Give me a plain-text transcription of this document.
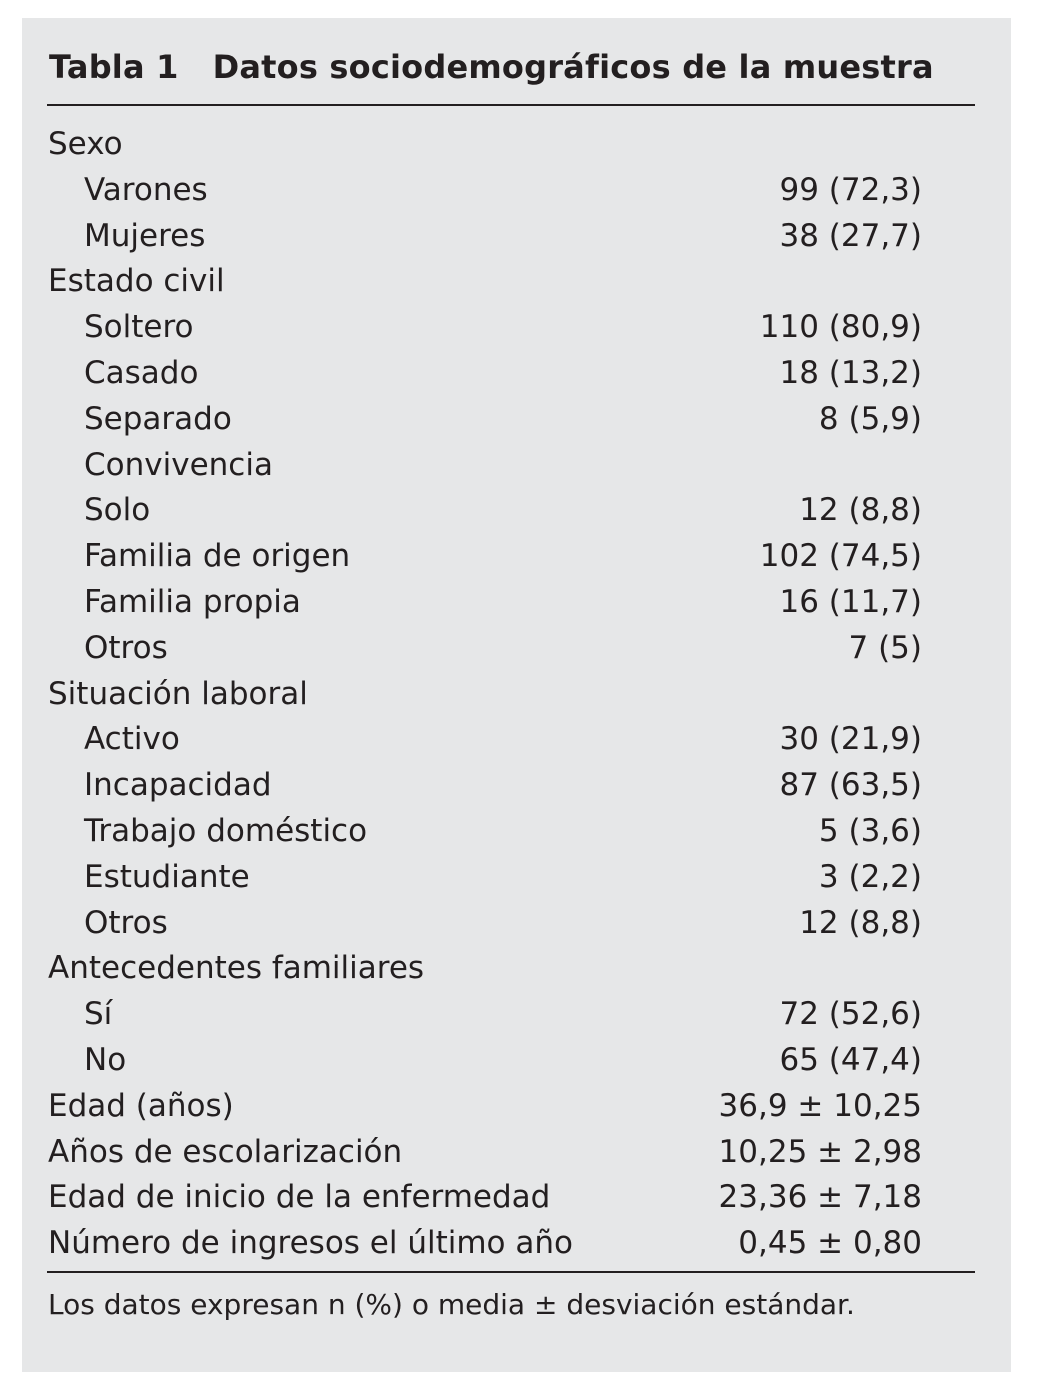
Tabla 1 Datos sociodemográficos de la muestra
Sexo
Varones	99 (72,3)
Mujeres	38 (27,7)
Estado civil
Soltero	110 (80,9)
Casado	18 (13,2)
Separado	8 (5,9)
Convivencia
Solo	12 (8,8)
Familia de origen	102 (74,5)
Familia propia	16 (11,7)
Otros	7 (5)
Situación laboral
Activo	30 (21,9)
Incapacidad	87 (63,5)
Trabajo doméstico	5 (3,6)
Estudiante	3 (2,2)
Otros	12 (8,8)
Antecedentes familiares
Sí	72 (52,6)
No	65 (47,4)
Edad (años)	36,9 ± 10,25
Años de escolarización	10,25 ± 2,98
Edad de inicio de la enfermedad	23,36 ± 7,18
Número de ingresos el último año	0,45 ± 0,80
Los datos expresan n (%) o media ± desviación estándar.
